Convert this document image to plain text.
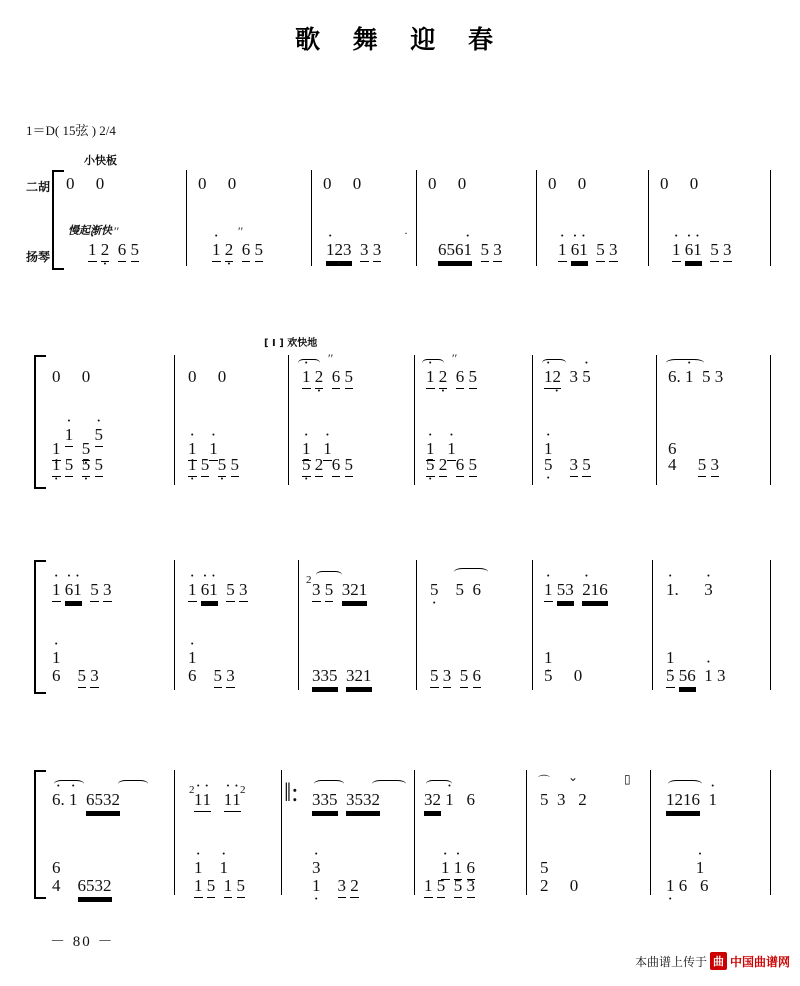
歌 舞 迎 春
1＝D( 15弦 ) 2/4
小快板
慢起渐快
[ I ] 欢快地
二胡
扬琴
0     0	0     0	0     0	0     0	0     0	0     0
· 1 2 · 6 5
′′
· 1 2 · 6 5
′′
· 12 ·3 3 3
·
656· 1 5 3	· 1 · 6· 1 5 3	· 1 · 6· 1 5 3
0     0	0     0	· 1 2 · 6 5
′′
· 1 2 · 6 5
′′
· 12 · 3 · 5	6. · 1 5 3
1 · · 1  5 · · 5
1 · 5 5 · 5
· 1 · 1
1 · 5 5 · 5
· 1 · 1
5 · 2 6 5
· 1 · 1
5 · 2 6 5
· 1
5 · 3 5
6
4     5 3
· 1 · 6· 1 5 3	· 1 · 6· 1 5 3	2 3 5 321	5 · 5 6	· 1 53 · 216	· 1.      · 3
· 1
6    5 3
· 1
6    5 3	335 321	5 3 5 6
1 ·
5     0
1 ·
5 56 · 1 3
‖:
· 6. · 1 6532	2 · 1· 1 · 1· 1 2	335 3532	32 · 1 6	5 3 2
⌒ ⌄	▯
1216 · 1
6
4    6532
· 1 · 1
1 5 1 5
· 3
1 · 3 2
· 1 · 1 6
1 5 5 3
5
2     0
· 1
1 · 6 6
－ 80 －
本曲谱上传于 曲 中国曲谱网
